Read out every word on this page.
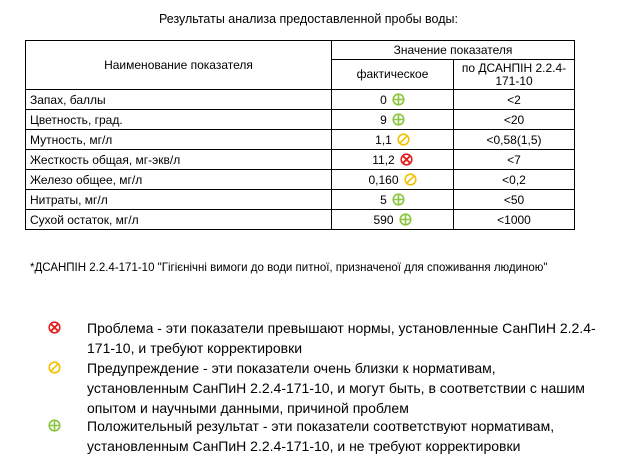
Результаты анализа предоставленной пробы воды:
Наименование показателя	Значение показателя	
	фактическое	по ДСАНПІН 2.2.4-171-10
Запах, баллы	0	<2
Цветность, град.	9	<20
Мутность, мг/л	1,1	<0,58(1,5)
Жесткость общая, мг-экв/л	11,2	<7
Железо общее, мг/л	0,160	<0,2
Нитраты, мг/л	5	<50
Сухой остаток, мг/л	590	<1000
*ДСАНПІН 2.2.4-171-10 "Гігієнічні вимоги до води питної, призначеної для споживання людиною"
Проблема - эти показатели превышают нормы, установленные СанПиН 2.2.4-171-10, и требуют корректировки
Предупреждение - эти показатели очень близки к нормативам, установленным СанПиН 2.2.4-171-10, и могут быть, в соответствии с нашим опытом и научными данными, причиной проблем
Положительный результат - эти показатели соответствуют нормативам, установленным СанПиН 2.2.4-171-10, и не требуют корректировки
